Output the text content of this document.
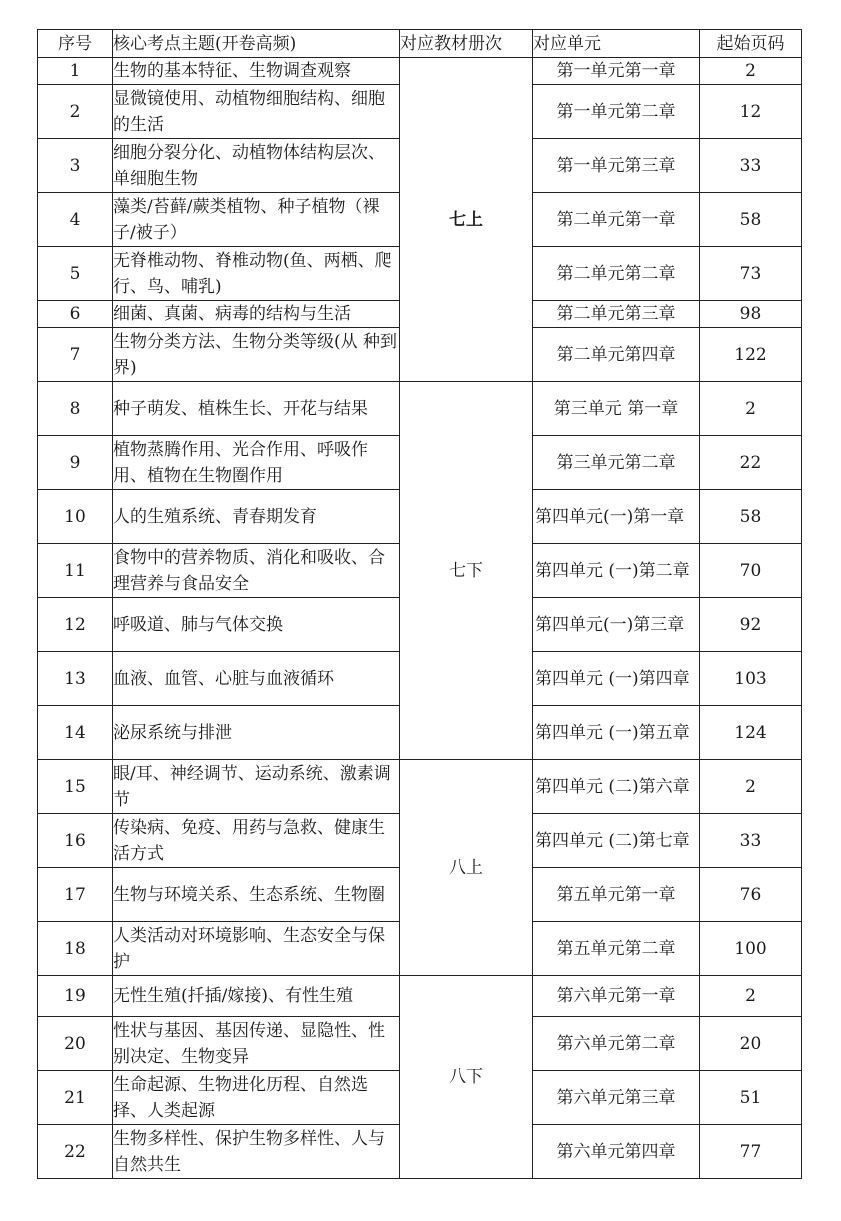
序号	核心考点主题(开卷高频)	对应教材册次	对应单元	起始页码
1	生物的基本特征、生物调查观察	七上	第一单元第一章	2
2	显微镜使用、动植物细胞结构、细胞的生活		第一单元第二章	12
3	细胞分裂分化、动植物体结构层次、单细胞生物		第一单元第三章	33
4	藻类/苔藓/蕨类植物、种子植物（裸子/被子）		第二单元第一章	58
5	无脊椎动物、脊椎动物(鱼、两栖、爬行、鸟、哺乳)		第二单元第二章	73
6	细菌、真菌、病毒的结构与生活		第二单元第三章	98
7	生物分类方法、生物分类等级(从 种到界)		第二单元第四章	122
8	种子萌发、植株生长、开花与结果	七下	第三单元 第一章	2
9	植物蒸腾作用、光合作用、呼吸作用、植物在生物圈作用		第三单元第二章	22
10	人的生殖系统、青春期发育		第四单元(一)第一章	58
11	食物中的营养物质、消化和吸收、合理营养与食品安全		第四单元 (一)第二章	70
12	呼吸道、肺与气体交换		第四单元(一)第三章	92
13	血液、血管、心脏与血液循环		第四单元 (一)第四章	103
14	泌尿系统与排泄		第四单元 (一)第五章	124
15	眼/耳、神经调节、运动系统、激素调节	八上	第四单元 (二)第六章	2
16	传染病、免疫、用药与急救、健康生活方式		第四单元 (二)第七章	33
17	生物与环境关系、生态系统、生物圈		第五单元第一章	76
18	人类活动对环境影响、生态安全与保护		第五单元第二章	100
19	无性生殖(扦插/嫁接)、有性生殖	八下	第六单元第一章	2
20	性状与基因、基因传递、显隐性、性别决定、生物变异		第六单元第二章	20
21	生命起源、生物进化历程、自然选择、人类起源		第六单元第三章	51
22	生物多样性、保护生物多样性、人与自然共生		第六单元第四章	77
